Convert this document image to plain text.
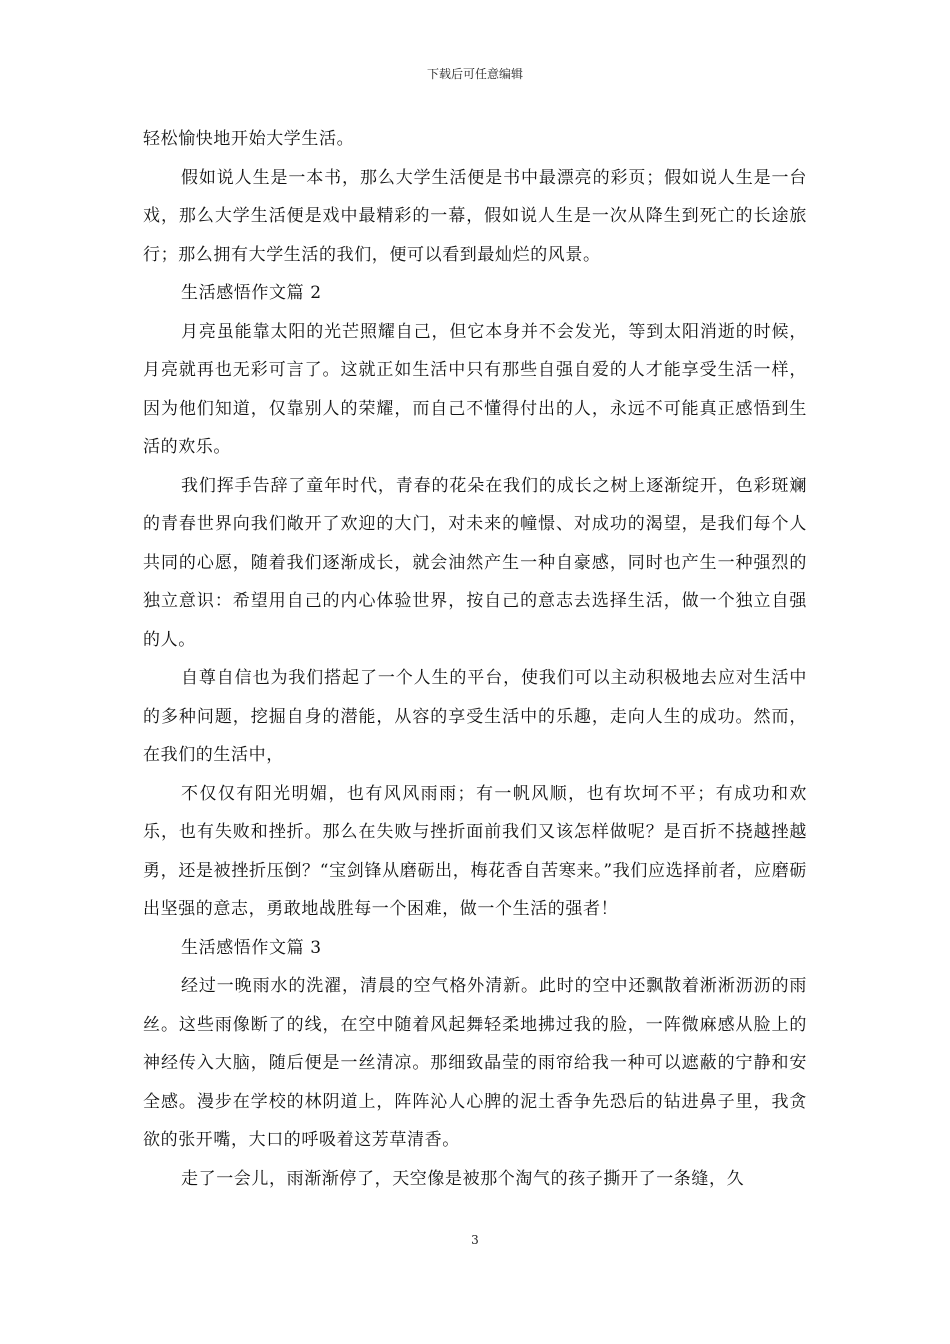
下载后可任意编辑

轻松愉快地开始大学生活。

假如说人生是一本书，那么大学生活便是书中最漂亮的彩页；假如说人生是一台戏，那么大学生活便是戏中最精彩的一幕，假如说人生是一次从降生到死亡的长途旅行；那么拥有大学生活的我们，便可以看到最灿烂的风景。

生活感悟作文篇 2

月亮虽能靠太阳的光芒照耀自己，但它本身并不会发光，等到太阳消逝的时候，月亮就再也无彩可言了。这就正如生活中只有那些自强自爱的人才能享受生活一样，因为他们知道，仅靠别人的荣耀，而自己不懂得付出的人，永远不可能真正感悟到生活的欢乐。

我们挥手告辞了童年时代，青春的花朵在我们的成长之树上逐渐绽开，色彩斑斓的青春世界向我们敞开了欢迎的大门，对未来的幢憬、对成功的渴望，是我们每个人共同的心愿，随着我们逐渐成长，就会油然产生一种自豪感，同时也产生一种强烈的独立意识：希望用自己的内心体验世界，按自己的意志去选择生活，做一个独立自强的人。

自尊自信也为我们搭起了一个人生的平台，使我们可以主动积极地去应对生活中的多种问题，挖掘自身的潜能，从容的享受生活中的乐趣，走向人生的成功。然而，在我们的生活中，

不仅仅有阳光明媚，也有风风雨雨；有一帆风顺，也有坎坷不平；有成功和欢乐，也有失败和挫折。那么在失败与挫折面前我们又该怎样做呢？是百折不挠越挫越勇，还是被挫折压倒？“宝剑锋从磨砺出，梅花香自苦寒来。”我们应选择前者，应磨砺出坚强的意志，勇敢地战胜每一个困难，做一个生活的强者！

生活感悟作文篇 3

经过一晚雨水的洗濯，清晨的空气格外清新。此时的空中还飘散着淅淅沥沥的雨丝。这些雨像断了的线，在空中随着风起舞轻柔地拂过我的脸，一阵微麻感从脸上的神经传入大脑，随后便是一丝清凉。那细致晶莹的雨帘给我一种可以遮蔽的宁静和安全感。漫步在学校的林阴道上，阵阵沁人心脾的泥土香争先恐后的钻进鼻子里，我贪欲的张开嘴，大口的呼吸着这芳草清香。

走了一会儿，雨渐渐停了，天空像是被那个淘气的孩子撕开了一条缝，久

3
